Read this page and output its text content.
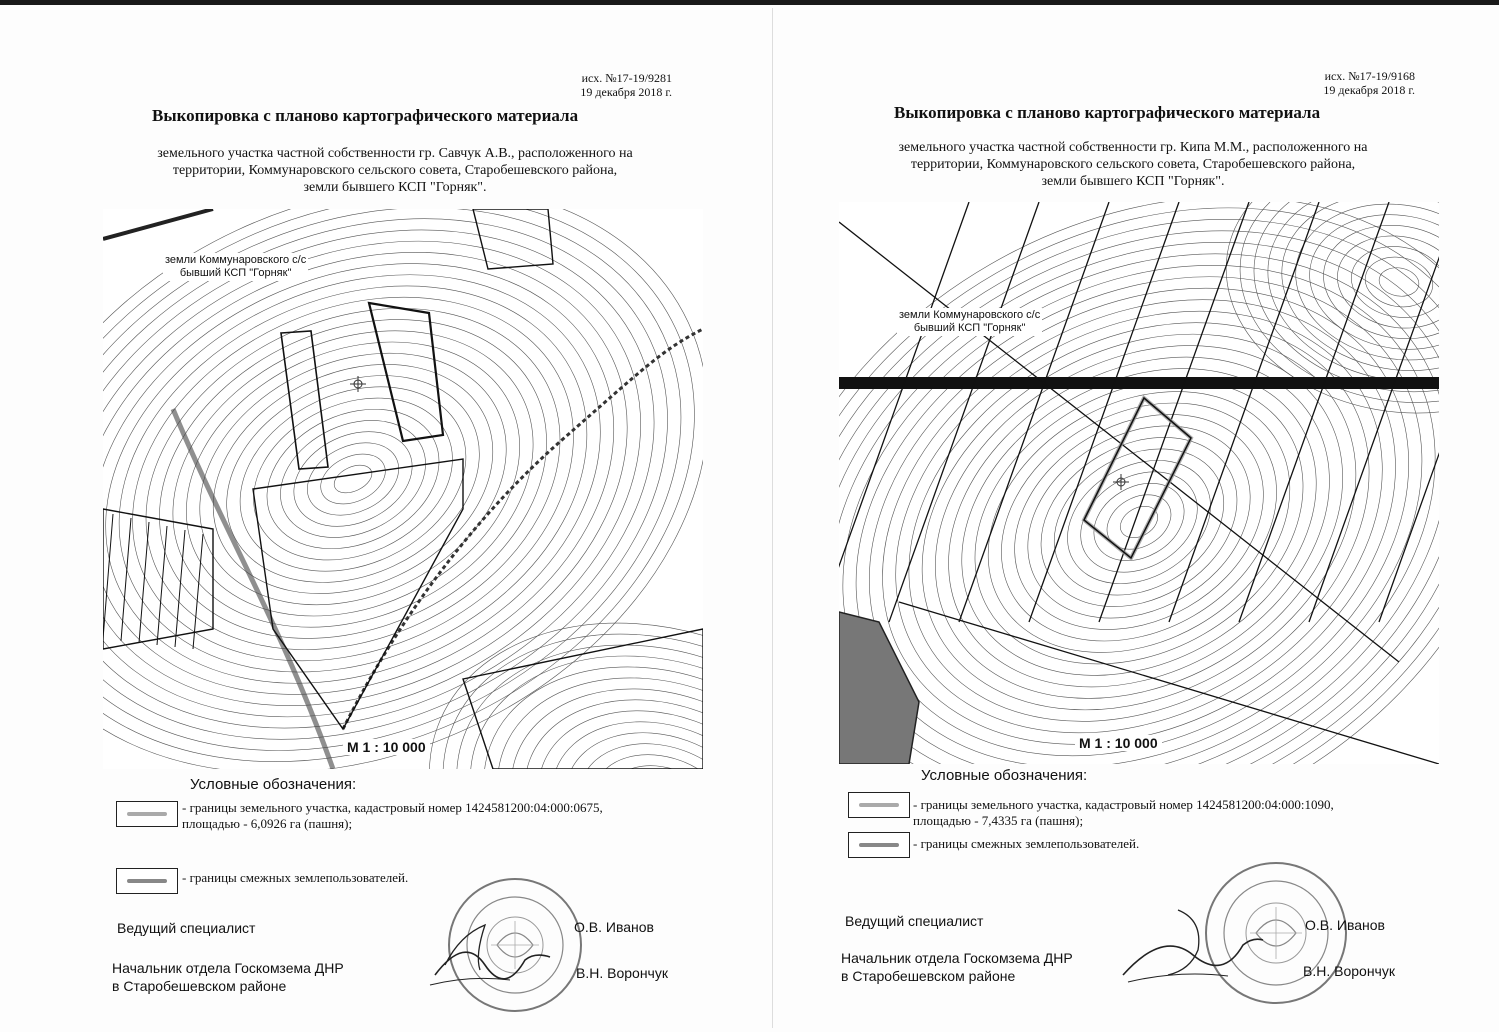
исх. №17-19/9281
19 декабря 2018 г.
Выкопировка с планово картографического материала
земельного участка частной собственности гр. Савчук А.В., расположенного на
территории, Коммунаровского сельского совета, Старобешевского района,
земли бывшего КСП "Горняк".
земли Коммунаровского с/с
бывший КСП "Горняк"
М 1 : 10 000
Условные обозначения:
- границы земельного участка, кадастровый номер 1424581200:04:000:0675,
площадью - 6,0926 га (пашня);
- границы смежных землепользователей.
Ведущий специалист
Начальник отдела Госкомзема ДНР
в Старобешевском районе
О.В. Иванов
В.Н. Ворончук
исх. №17-19/9168
19 декабря 2018 г.
Выкопировка с планово картографического материала
земельного участка частной собственности гр. Кипа М.М., расположенного на
территории, Коммунаровского сельского совета, Старобешевского района,
земли бывшего КСП "Горняк".
земли Коммунаровского с/с
бывший КСП "Горняк"
М 1 : 10 000
Условные обозначения:
- границы земельного участка, кадастровый номер 1424581200:04:000:1090,
площадью - 7,4335 га (пашня);
- границы смежных землепользователей.
Ведущий специалист
Начальник отдела Госкомзема ДНР
в Старобешевском районе
О.В. Иванов
В.Н. Ворончук
